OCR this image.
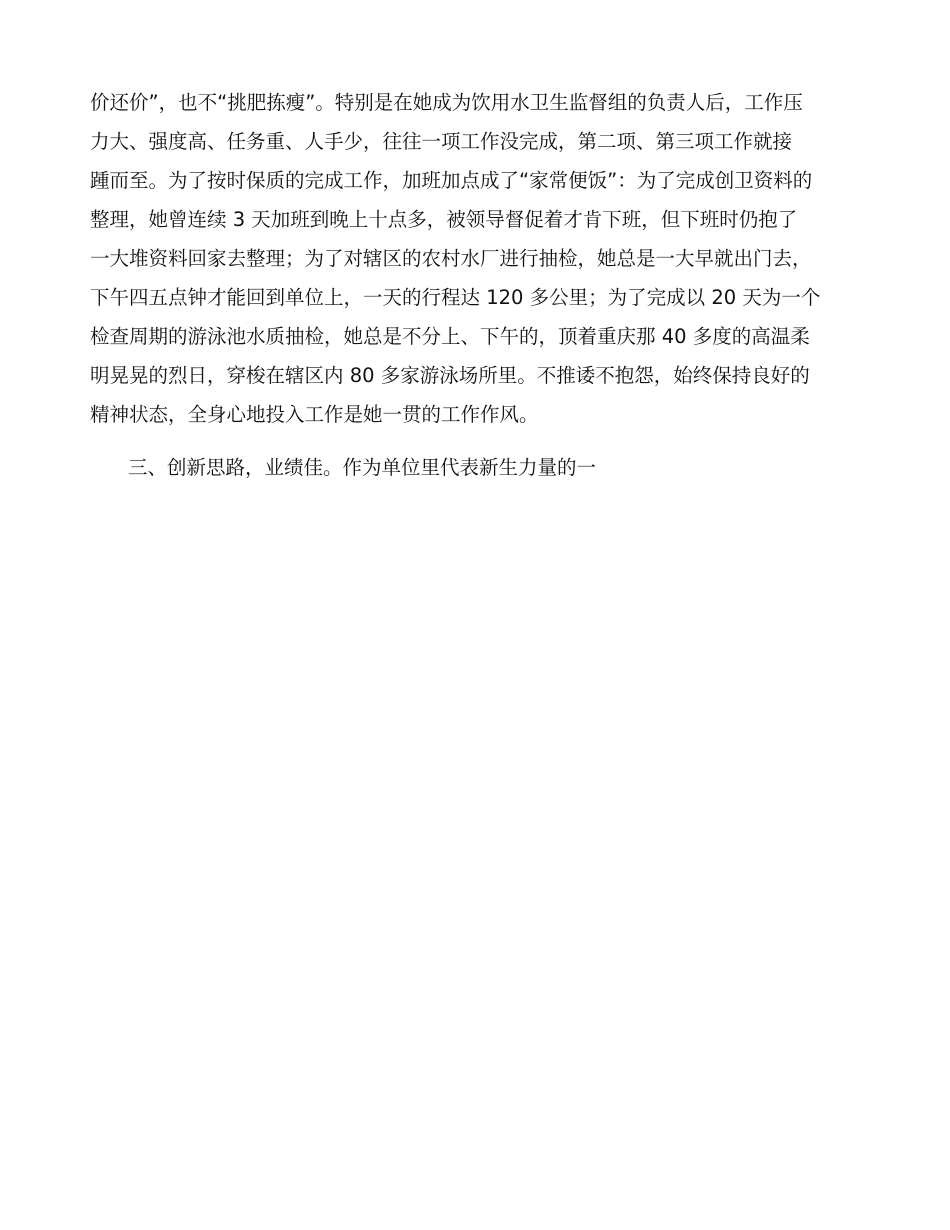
价还价”，也不“挑肥拣瘦”。特别是在她成为饮用水卫生监督组的负责人后，工作压
力大、强度高、任务重、人手少，往往一项工作没完成，第二项、第三项工作就接
踵而至。为了按时保质的完成工作，加班加点成了“家常便饭”：为了完成创卫资料的
整理，她曾连续 3 天加班到晚上十点多，被领导督促着才肯下班，但下班时仍抱了
一大堆资料回家去整理；为了对辖区的农村水厂进行抽检，她总是一大早就出门去，
下午四五点钟才能回到单位上，一天的行程达 120 多公里；为了完成以 20 天为一个
检查周期的游泳池水质抽检，她总是不分上、下午的，顶着重庆那 40 多度的高温柔
明晃晃的烈日，穿梭在辖区内 80 多家游泳场所里。不推诿不抱怨，始终保持良好的
精神状态，全身心地投入工作是她一贯的工作作风。
三、创新思路，业绩佳。作为单位里代表新生力量的一
